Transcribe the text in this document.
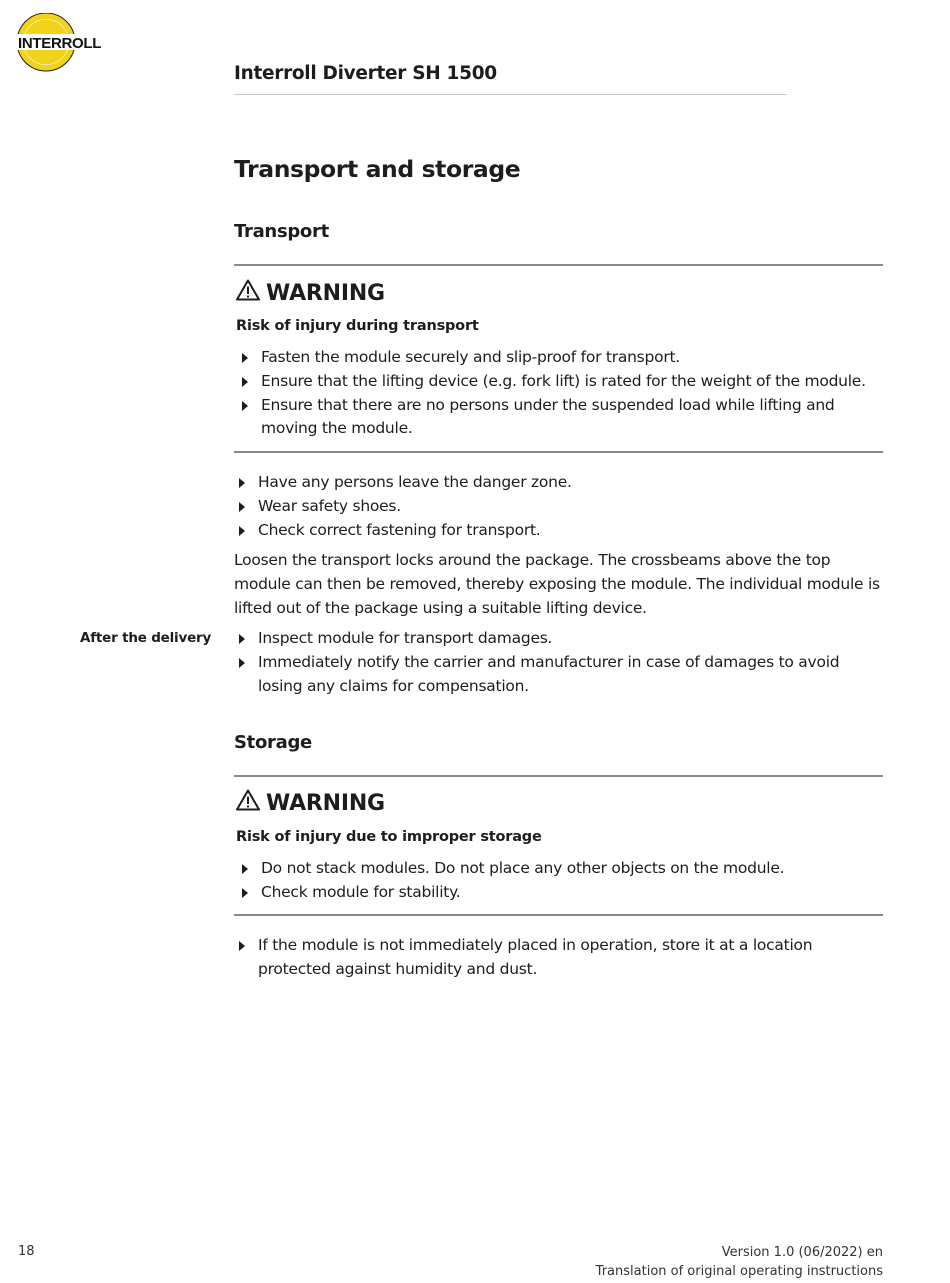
INTERROLL
Interroll Diverter SH 1500
Transport and storage
Transport
WARNING
Risk of injury during transport
Fasten the module securely and slip-proof for transport.
Ensure that the lifting device (e.g. fork lift) is rated for the weight of the module.
Ensure that there are no persons under the suspended load while lifting and moving the module.
Have any persons leave the danger zone.
Wear safety shoes.
Check correct fastening for transport.

Loosen the transport locks around the package. The crossbeams above the top module can then be removed, thereby exposing the module. The individual module is lifted out of the package using a suitable lifting device.

After the delivery	Inspect module for transport damages.
Immediately notify the carrier and manufacturer in case of damages to avoid losing any claims for compensation.
Storage
WARNING
Risk of injury due to improper storage
Do not stack modules. Do not place any other objects on the module.
Check module for stability.
If the module is not immediately placed in operation, store it at a location protected against humidity and dust.
18	Version 1.0 (06/2022) en
Translation of original operating instructions
